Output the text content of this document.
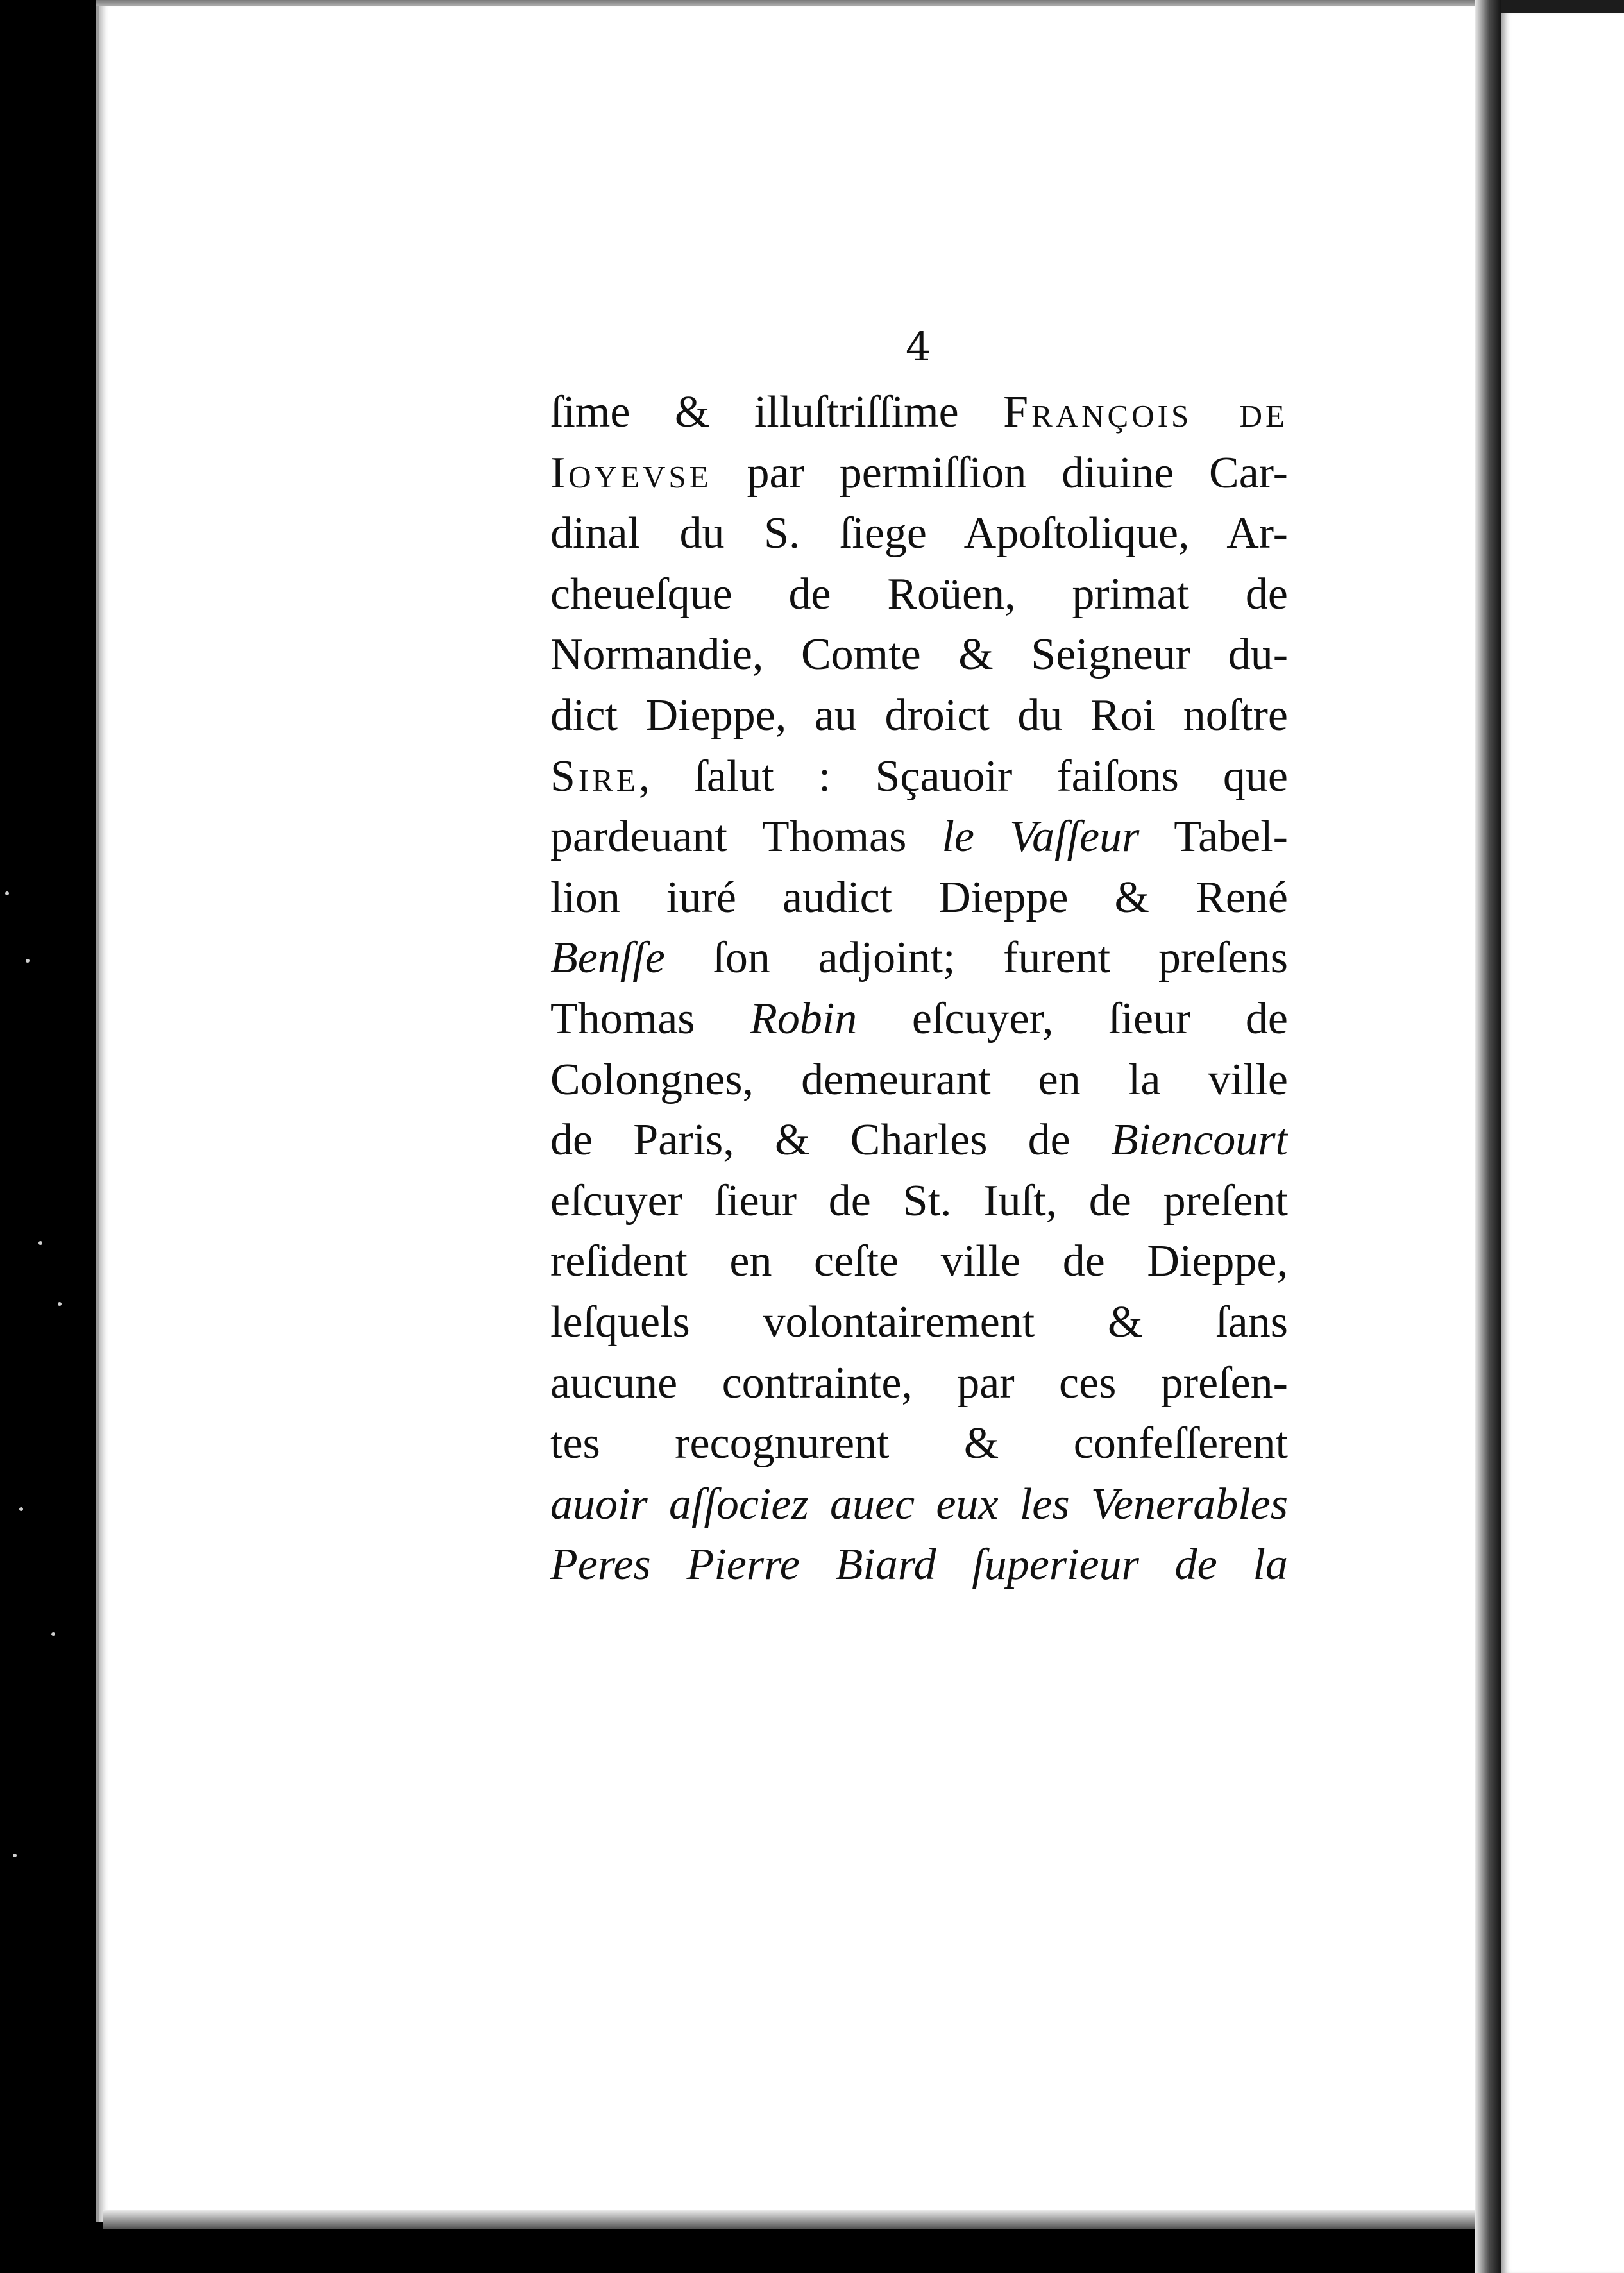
4
ſime & illuſtriſſime François de
Ioyevse par permiſſion diuine Car-
dinal du S. ſiege Apoſtolique, Ar-
cheueſque de Roüen, primat de
Normandie, Comte & Seigneur du-
dict Dieppe, au droict du Roi noſtre
Sire, ſalut : Sçauoir faiſons que
pardeuant Thomas le Vaſſeur Tabel-
lion iuré audict Dieppe & René
Benſſe ſon adjoint; furent preſens
Thomas Robin eſcuyer, ſieur de
Colongnes, demeurant en la ville
de Paris, & Charles de Biencourt
eſcuyer ſieur de St. Iuſt, de preſent
reſident en ceſte ville de Dieppe,
leſquels volontairement & ſans
aucune contrainte, par ces preſen-
tes recognurent & confeſſerent
auoir aſſociez auec eux les Venerables
Peres Pierre Biard ſuperieur de la
